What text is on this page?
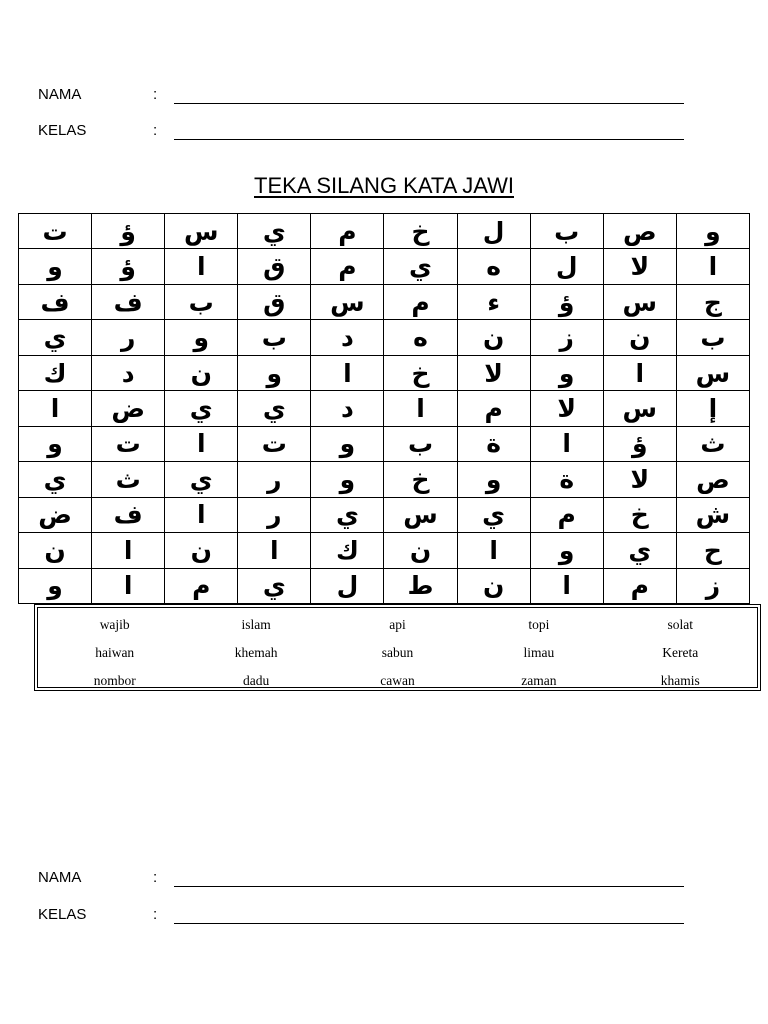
NAMA	:
KELAS	:
TEKA SILANG KATA JAWI
ت	ؤ	س	ي	م	خ	ل	ب	ص	و
و	ؤ	ا	ق	م	ي	ه	ل	لا	ا
ف	ف	ب	ق	س	م	ء	ؤ	س	ج
ي	ر	و	ب	د	ه	ن	ز	ن	ب
ك	د	ن	و	ا	خ	لا	و	ا	س
ا	ض	ي	ي	د	ا	م	لا	س	إ
و	ت	ا	ت	و	ب	ة	ا	ؤ	ث
ي	ث	ي	ر	و	خ	و	ة	لا	ص
ض	ف	ا	ر	ي	س	ي	م	خ	ش
ن	ا	ن	ا	ك	ن	ا	و	ي	ح
و	ا	م	ي	ل	ط	ن	ا	م	ز
wajib	islam	api	topi	solat
haiwan	khemah	sabun	limau	Kereta
nombor	dadu	cawan	zaman	khamis
NAMA	:
KELAS	:
